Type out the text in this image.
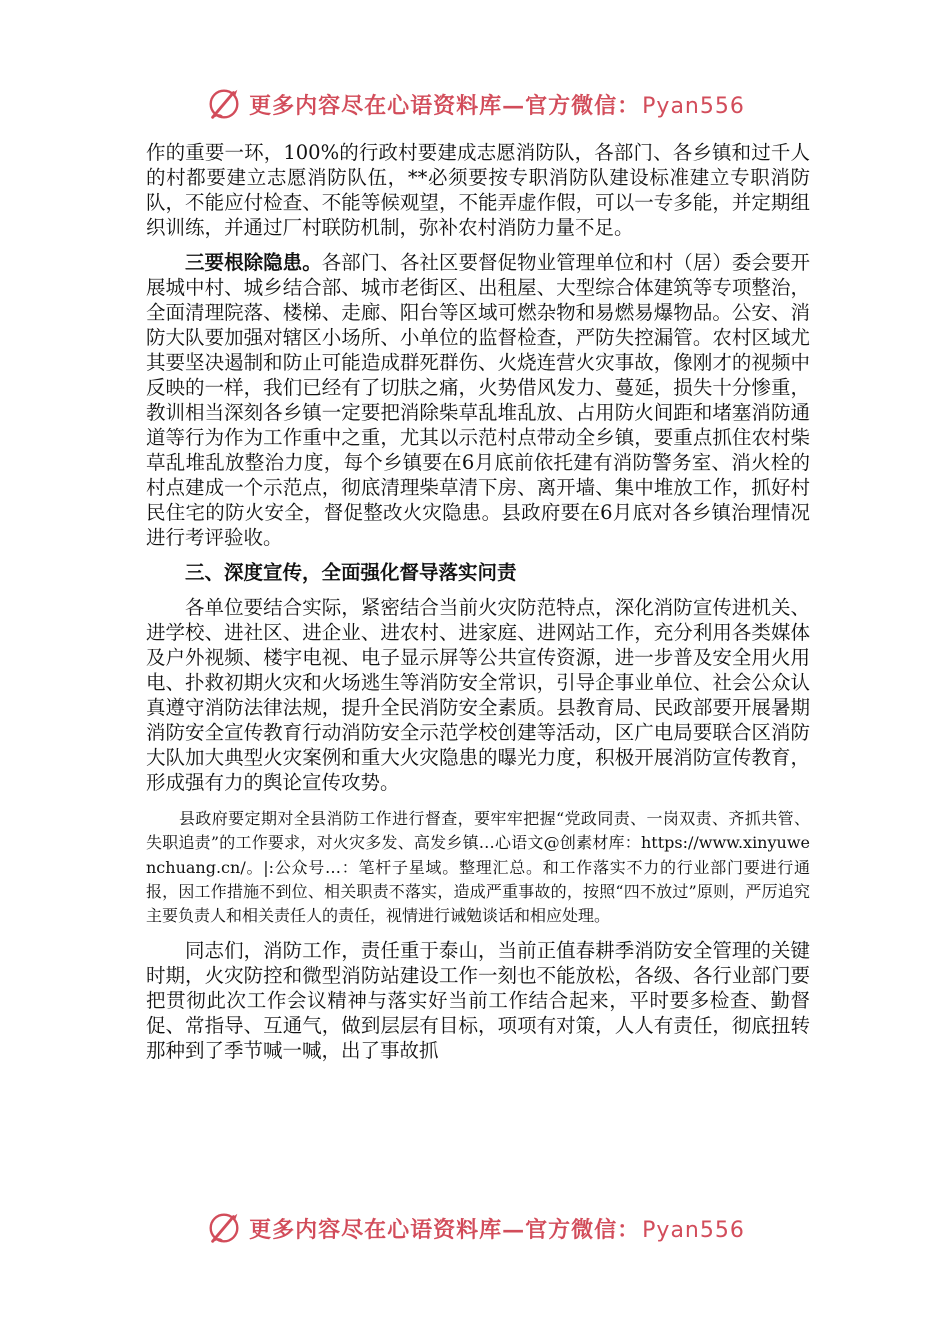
更多内容尽在心语资料库—官方微信：Pyan556

作的重要一环，100%的行政村要建成志愿消防队，各部门、各乡镇和过千人的村都要建立志愿消防队伍，**必须要按专职消防队建设标准建立专职消防队，不能应付检查、不能等候观望，不能弄虚作假，可以一专多能，并定期组织训练，并通过厂村联防机制，弥补农村消防力量不足。

三要根除隐患。各部门、各社区要督促物业管理单位和村（居）委会要开展城中村、城乡结合部、城市老街区、出租屋、大型综合体建筑等专项整治，全面清理院落、楼梯、走廊、阳台等区域可燃杂物和易燃易爆物品。公安、消防大队要加强对辖区小场所、小单位的监督检查，严防失控漏管。农村区域尤其要坚决遏制和防止可能造成群死群伤、火烧连营火灾事故，像刚才的视频中反映的一样，我们已经有了切肤之痛，火势借风发力、蔓延，损失十分惨重，教训相当深刻各乡镇一定要把消除柴草乱堆乱放、占用防火间距和堵塞消防通道等行为作为工作重中之重，尤其以示范村点带动全乡镇，要重点抓住农村柴草乱堆乱放整治力度，每个乡镇要在6月底前依托建有消防警务室、消火栓的村点建成一个示范点，彻底清理柴草清下房、离开墙、集中堆放工作，抓好村民住宅的防火安全，督促整改火灾隐患。县政府要在6月底对各乡镇治理情况进行考评验收。

三、深度宣传，全面强化督导落实问责

各单位要结合实际，紧密结合当前火灾防范特点，深化消防宣传进机关、进学校、进社区、进企业、进农村、进家庭、进网站工作，充分利用各类媒体及户外视频、楼宇电视、电子显示屏等公共宣传资源，进一步普及安全用火用电、扑救初期火灾和火场逃生等消防安全常识，引导企事业单位、社会公众认真遵守消防法律法规，提升全民消防安全素质。县教育局、民政部要开展暑期消防安全宣传教育行动消防安全示范学校创建等活动，区广电局要联合区消防大队加大典型火灾案例和重大火灾隐患的曝光力度，积极开展消防宣传教育，形成强有力的舆论宣传攻势。

县政府要定期对全县消防工作进行督查，要牢牢把握“党政同责、一岗双责、齐抓共管、失职追责”的工作要求，对火灾多发、高发乡镇…心语文@创素材库：https://www.xinyuwenchuang.cn/。|:公众号…：笔杆子星域。整理汇总。和工作落实不力的行业部门要进行通报，因工作措施不到位、相关职责不落实，造成严重事故的，按照“四不放过”原则，严厉追究主要负责人和相关责任人的责任，视情进行诫勉谈话和相应处理。

同志们，消防工作，责任重于泰山，当前正值春耕季消防安全管理的关键时期，火灾防控和微型消防站建设工作一刻也不能放松，各级、各行业部门要把贯彻此次工作会议精神与落实好当前工作结合起来，平时要多检查、勤督促、常指导、互通气，做到层层有目标，项项有对策，人人有责任，彻底扭转那种到了季节喊一喊，出了事故抓

更多内容尽在心语资料库—官方微信：Pyan556
